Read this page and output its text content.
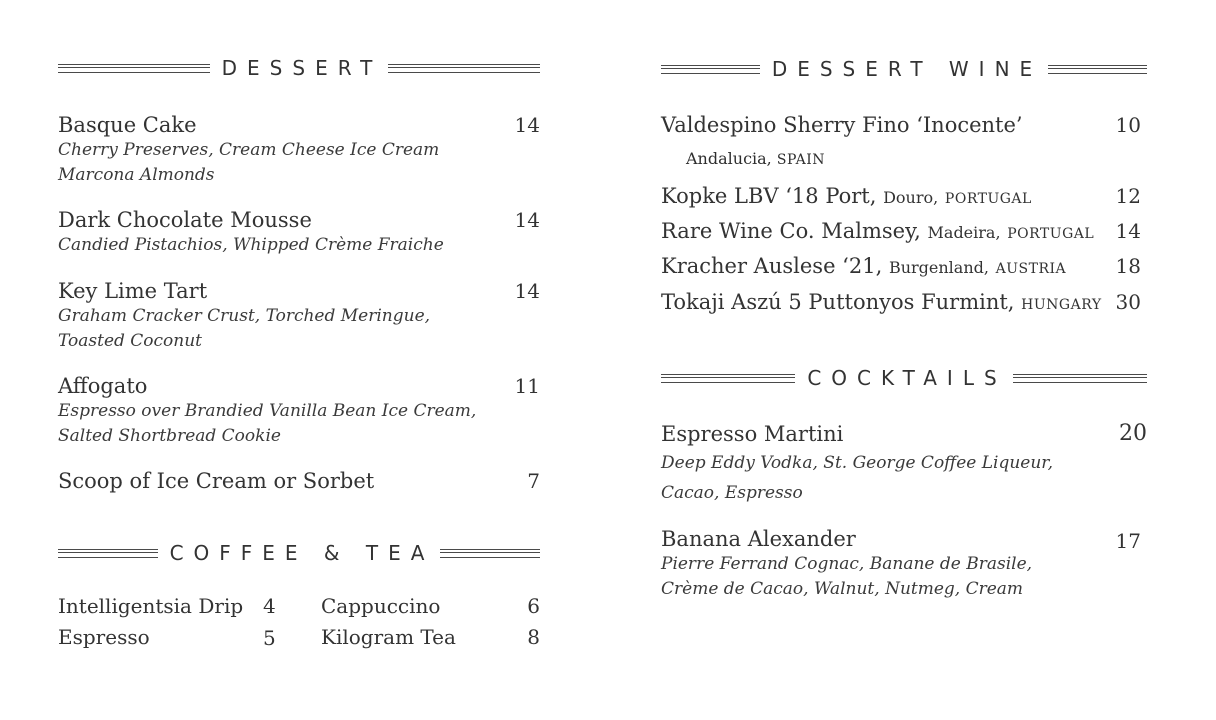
DESSERT
Basque Cake	14
Cherry Preserves, Cream Cheese Ice Cream
Marcona Almonds
Dark Chocolate Mousse	14
Candied Pistachios, Whipped Crème Fraiche
Key Lime Tart	14
Graham Cracker Crust, Torched Meringue,
Toasted Coconut
Affogato	11
Espresso over Brandied Vanilla Bean Ice Cream,
Salted Shortbread Cookie
Scoop of Ice Cream or Sorbet	7
COFFEE & TEA
Intelligentsia Drip 4
Espresso	5
Cappuccino	6
Kilogram Tea	8
DESSERT WINE
Valdespino Sherry Fino ‘Inocente’	10
Andalucia, SPAIN
Kopke LBV ‘18 Port, Douro, PORTUGAL	12
Rare Wine Co. Malmsey, Madeira, PORTUGAL	14
Kracher Auslese ‘21, Burgenland, AUSTRIA	18
Tokaji Aszú 5 Puttonyos Furmint, HUNGARY 30
COCKTAILS
Espresso Martini	20
Deep Eddy Vodka, St. George Coffee Liqueur,
Cacao, Espresso
Banana Alexander	17
Pierre Ferrand Cognac, Banane de Brasile,
Crème de Cacao, Walnut, Nutmeg, Cream
